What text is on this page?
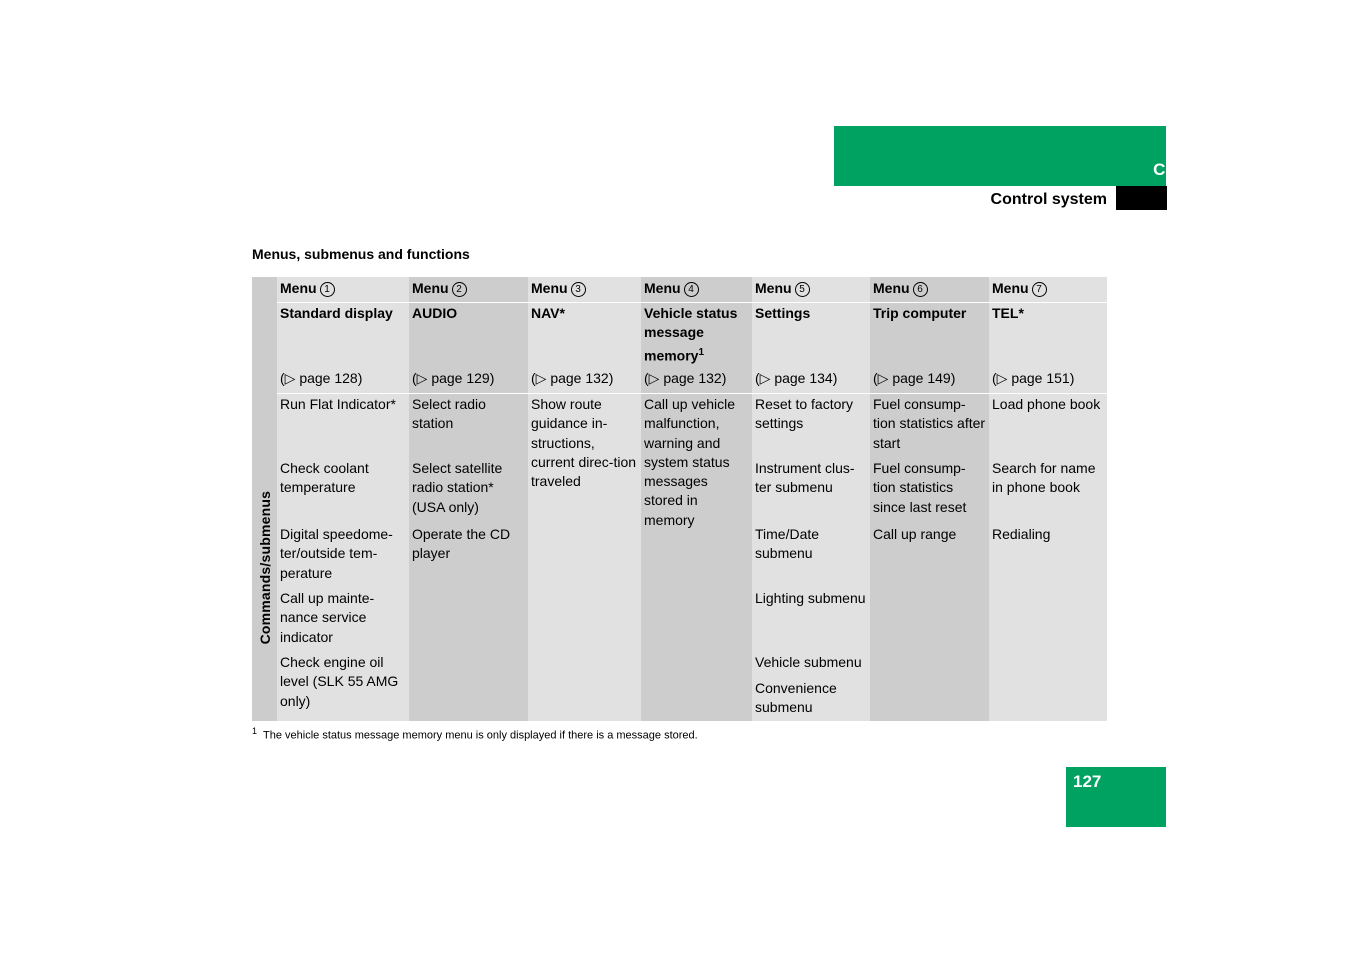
Controls in detail
Control system
Menus, submenus and functions
Commands/submenus
Menu 1
Standard display
(▷ page 128)
Run Flat Indicator*
Check coolant temperature
Digital speedome-ter/outside tem-perature
Call up mainte-nance service indicator
Check engine oil level (SLK 55 AMG only)
Menu 2
AUDIO
(▷ page 129)
Select radio station
Select satellite radio station* (USA only)
Operate the CD player
Menu 3
NAV*
(▷ page 132)
Show route guidance in-structions, current direc-tion traveled
Menu 4
Vehicle status message memory$^1$
(▷ page 132)
Call up vehicle malfunction, warning and system status messages stored in memory
Menu 5
Settings
(▷ page 134)
Reset to factory settings
Instrument clus-ter submenu
Time/Date submenu
Lighting submenu
Vehicle submenu
Convenience submenu
Menu 6
Trip computer
(▷ page 149)
Fuel consump-tion statistics after start
Fuel consump-tion statistics since last reset
Call up range
Menu 7
TEL*
(▷ page 151)
Load phone book
Search for name in phone book
Redialing
$^1$ The vehicle status message memory menu is only displayed if there is a message stored.
127
